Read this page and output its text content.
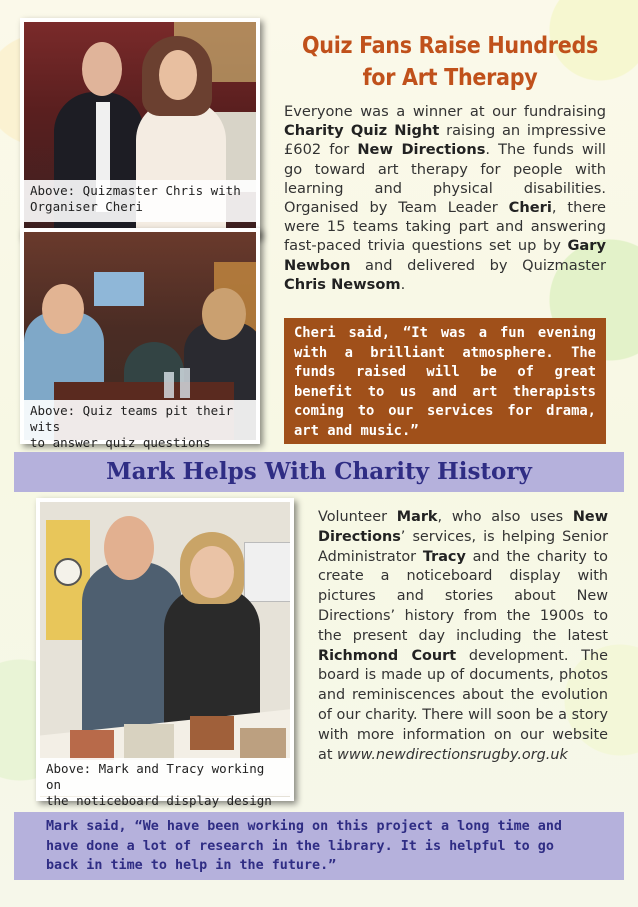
Above: Quizmaster Chris with
Organiser Cheri
Above: Quiz teams pit their wits
to answer quiz questions
Quiz Fans Raise Hundreds
for Art Therapy
Everyone was a winner at our fundraising Charity Quiz Night raising an impressive £602 for New Directions. The funds will go toward art therapy for people with learning and physical disabilities. Organised by Team Leader Cheri, there were 15 teams taking part and answering fast-paced trivia questions set up by Gary Newbon and delivered by Quizmaster Chris Newsom.
Cheri said, “It was a fun evening with a brilliant atmosphere. The funds raised will be of great benefit to us and art therapists coming to our services for drama, art and music.”
Mark Helps With Charity History
Above: Mark and Tracy working on
the noticeboard display design
Volunteer Mark, who also uses New Directions’ services, is helping Senior Administrator Tracy and the charity to create a noticeboard display with pictures and stories about New Directions’ history from the 1900s to the present day including the latest Richmond Court development. The board is made up of documents, photos and reminiscences about the evolution of our charity. There will soon be a story with more information on our website at www.newdirectionsrugby.org.uk
Mark said, “We have been working on this project a long time and have done a lot of research in the library. It is helpful to go back in time to help in the future.”
